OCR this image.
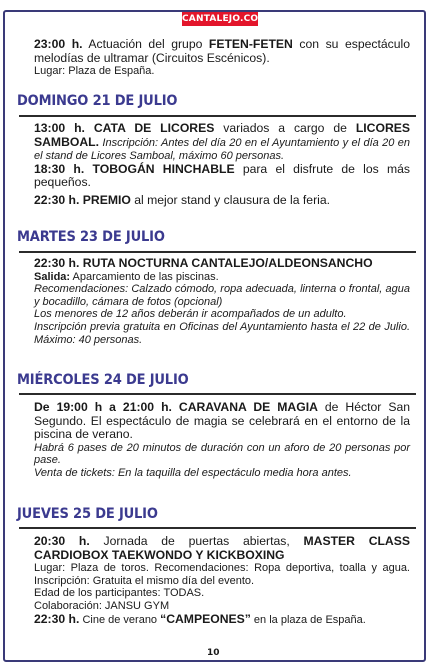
CANTALEJO.COM

23:00 h. Actuación del grupo FETEN-FETEN con su espectáculo melodías de ultramar (Circuitos Escénicos).

Lugar: Plaza de España.

DOMINGO 21 DE JULIO

13:00 h. CATA DE LICORES variados a cargo de LICORES SAMBOAL. Inscripción: Antes del día 20 en el Ayuntamiento y el día 20 en el stand de Licores Samboal, máximo 60 personas.

18:30 h. TOBOGÁN HINCHABLE para el disfrute de los más pequeños.

22:30 h. PREMIO al mejor stand y clausura de la feria.

MARTES 23 DE JULIO

22:30 h. RUTA NOCTURNA CANTALEJO/ALDEONSANCHO

Salida: Aparcamiento de las piscinas.

Recomendaciones: Calzado cómodo, ropa adecuada, linterna o frontal, agua y bocadillo, cámara de fotos (opcional)

Los menores de 12 años deberán ir acompañados de un adulto.

Inscripción previa gratuita en Oficinas del Ayuntamiento hasta el 22 de Julio. Máximo: 40 personas.

MIÉRCOLES 24 DE JULIO

De 19:00 h a 21:00 h. CARAVANA DE MAGIA de Héctor San Segundo. El espectáculo de magia se celebrará en el entorno de la piscina de verano.

Habrá 6 pases de 20 minutos de duración con un aforo de 20 personas por pase.

Venta de tickets: En la taquilla del espectáculo media hora antes.

JUEVES 25 DE JULIO

20:30 h. Jornada de puertas abiertas, MASTER CLASS CARDIOBOX TAEKWONDO Y KICKBOXING

Lugar: Plaza de toros. Recomendaciones: Ropa deportiva, toalla y agua. Inscripción: Gratuita el mismo día del evento.

Edad de los participantes: TODAS.

Colaboración: JANSU GYM

22:30 h. Cine de verano “CAMPEONES” en la plaza de España.

10
